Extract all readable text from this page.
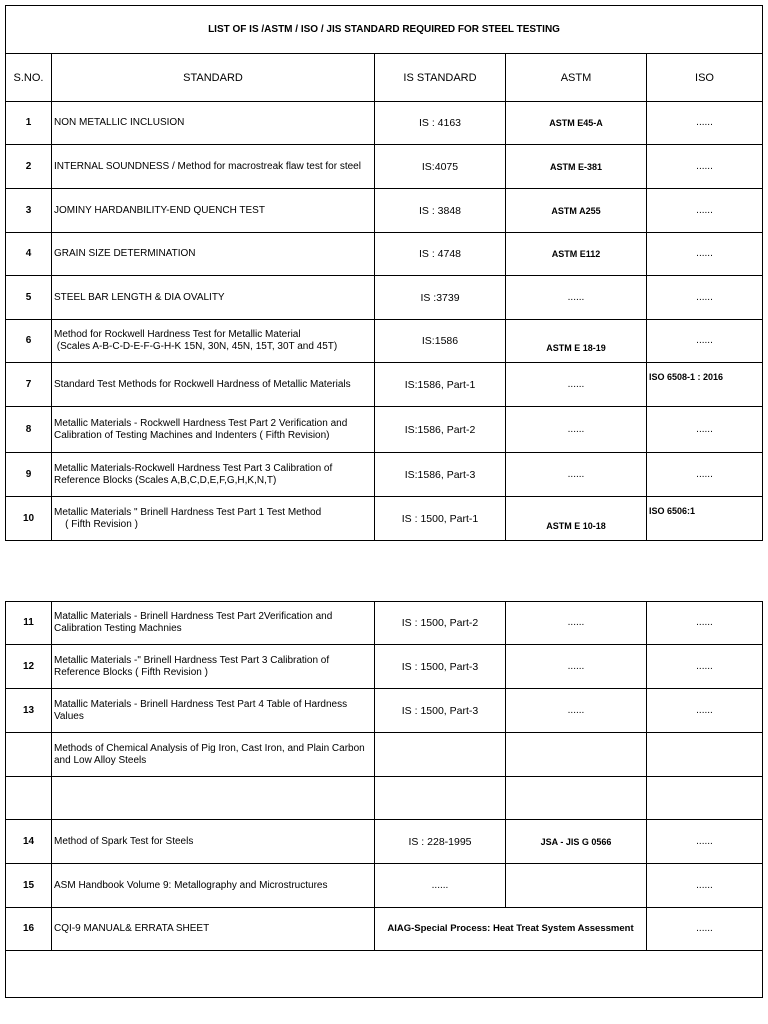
LIST OF IS /ASTM / ISO / JIS STANDARD REQUIRED FOR STEEL TESTING				
S.NO.	STANDARD	IS STANDARD	ASTM	ISO
1	NON METALLIC INCLUSION	IS : 4163	ASTM E45-A	......
2	INTERNAL SOUNDNESS / Method for macrostreak flaw test for steel	IS:4075	ASTM E-381	......
3	JOMINY HARDANBILITY-END QUENCH TEST	IS : 3848	ASTM A255	......
4	GRAIN SIZE DETERMINATION	IS : 4748	ASTM E112	......
5	STEEL BAR LENGTH & DIA OVALITY	IS :3739	......	......
6	Method for Rockwell Hardness Test for Metallic Material
(Scales A-B-C-D-E-F-G-H-K 15N, 30N, 45N, 15T, 30T and 45T)	IS:1586	ASTM E 18-19	......
7	Standard Test Methods for Rockwell Hardness of Metallic Materials	IS:1586, Part-1	......	ISO 6508-1 : 2016
8	Metallic Materials - Rockwell Hardness Test Part 2 Verification and Calibration of Testing Machines and Indenters ( Fifth Revision)	IS:1586, Part-2	......	......
9	Metallic Materials-Rockwell Hardness Test Part 3 Calibration of Reference Blocks (Scales A,B,C,D,E,F,G,H,K,N,T)	IS:1586, Part-3	......	......
10	Metallic Materials " Brinell Hardness Test Part 1 Test Method
( Fifth Revision )	IS : 1500, Part-1	ASTM E 10-18	ISO 6506:1
11	Matallic Materials - Brinell Hardness Test Part 2Verification and Calibration Testing Machnies	IS : 1500, Part-2	......	......
12	Metallic Materials -" Brinell Hardness Test Part 3 Calibration of Reference Blocks ( Fifth Revision )	IS : 1500, Part-3	......	......
13	Matallic Materials - Brinell Hardness Test Part 4 Table of Hardness Values	IS : 1500, Part-3	......	......
	Methods of Chemical Analysis of Pig Iron, Cast Iron, and Plain Carbon and Low Alloy Steels			

14	Method of Spark Test for Steels	IS : 228-1995	JSA - JIS G 0566	......
15	ASM Handbook Volume 9: Metallography and Microstructures	......		......
16	CQI-9 MANUAL& ERRATA SHEET	AIAG-Special Process: Heat Treat System Assessment		......
